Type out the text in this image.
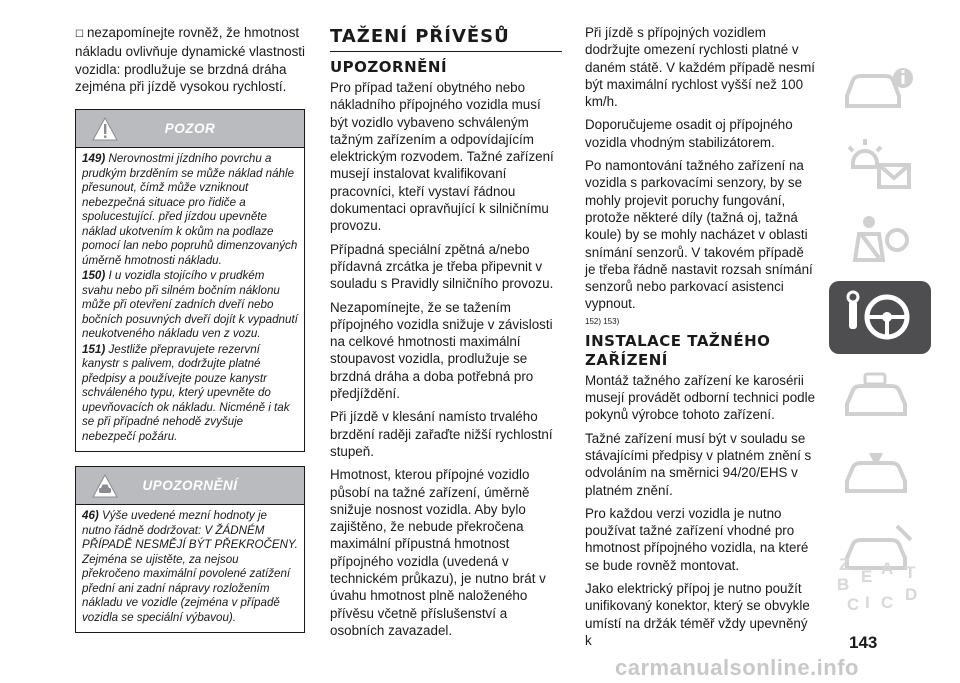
☐ nezapomínejte rovněž, že hmotnost nákladu ovlivňuje dynamické vlastnosti vozidla: prodlužuje se brzdná dráha zejména při jízdě vysokou rychlostí.

POZOR

149) Nerovnostmi jízdního povrchu a prudkým brzděním se může náklad náhle přesunout, čímž může vzniknout nebezpečná situace pro řidiče a spolucestující. před jízdou upevněte náklad ukotvením k okům na podlaze pomocí lan nebo popruhů dimenzovaných úměrně hmotnosti nákladu.

150) I u vozidla stojícího v prudkém svahu nebo při silném bočním náklonu může při otevření zadních dveří nebo bočních posuvných dveří dojít k vypadnutí neukotveného nákladu ven z vozu.

151) Jestliže přepravujete rezervní kanystr s palivem, dodržujte platné předpisy a používejte pouze kanystr schváleného typu, který upevněte do upevňovacích ok nákladu. Nicméně i tak se při případné nehodě zvyšuje nebezpečí požáru.

UPOZORNĚNÍ

46) Výše uvedené mezní hodnoty je nutno řádně dodržovat: V ŽÁDNÉM PŘÍPADĚ NESMĚJÍ BÝT PŘEKROČENY. Zejména se ujistěte, za nejsou překročeno maximální povolené zatížení přední ani zadní nápravy rozložením nákladu ve vozidle (zejména v případě vozidla se speciální výbavou).

TAŽENÍ PŘÍVĚSŮ
UPOZORNĚNÍ

Pro případ tažení obytného nebo nákladního přípojného vozidla musí být vozidlo vybaveno schváleným tažným zařízením a odpovídajícím elektrickým rozvodem. Tažné zařízení musejí instalovat kvalifikovaní pracovníci, kteří vystaví řádnou dokumentaci opravňující k silničnímu provozu.

Případná speciální zpětná a/nebo přídavná zrcátka je třeba připevnit v souladu s Pravidly silničního provozu.

Nezapomínejte, že se tažením přípojného vozidla snižuje v závislosti na celkové hmotnosti maximální stoupavost vozidla, prodlužuje se brzdná dráha a doba potřebná pro předjíždění.

Při jízdě v klesání namísto trvalého brzdění raději zařaďte nižší rychlostní stupeň.

Hmotnost, kterou přípojné vozidlo působí na tažné zařízení, úměrně snižuje nosnost vozidla. Aby bylo zajištěno, že nebude překročena maximální přípustná hmotnost přípojného vozidla (uvedená v technickém průkazu), je nutno brát v úvahu hmotnost plně naloženého přívěsu včetně příslušenství a osobních zavazadel.

Při jízdě s přípojných vozidlem dodržujte omezení rychlosti platné v daném státě. V každém případě nesmí být maximální rychlost vyšší než 100 km/h.

Doporučujeme osadit oj přípojného vozidla vhodným stabilizátorem.

Po namontování tažného zařízení na vozidla s parkovacími senzory, by se mohly projevit poruchy fungování, protože některé díly (tažná oj, tažná koule) by se mohly nacházet v oblasti snímání senzorů. V takovém případě je třeba řádně nastavit rozsah snímání senzorů nebo parkovací asistenci vypnout.

152) 153)
INSTALACE TAŽNÉHO ZAŘÍZENÍ

Montáž tažného zařízení ke karosérii musejí provádět odborní technici podle pokynů výrobce tohoto zařízení.

Tažné zařízení musí být v souladu se stávajícími předpisy v platném znění s odvoláním na směrnici 94/20/EHS v platném znění.

Pro každou verzi vozidla je nutno používat tažné zařízení vhodné pro hmotnost přípojného vozidla, na které se bude rovněž montovat.

Jako elektrický přípoj je nutno použít unifikovaný konektor, který se obvykle umístí na držák téměř vždy upevněný k

Z A
B E
C
D
I C
T
143
carmanualsonline.info
